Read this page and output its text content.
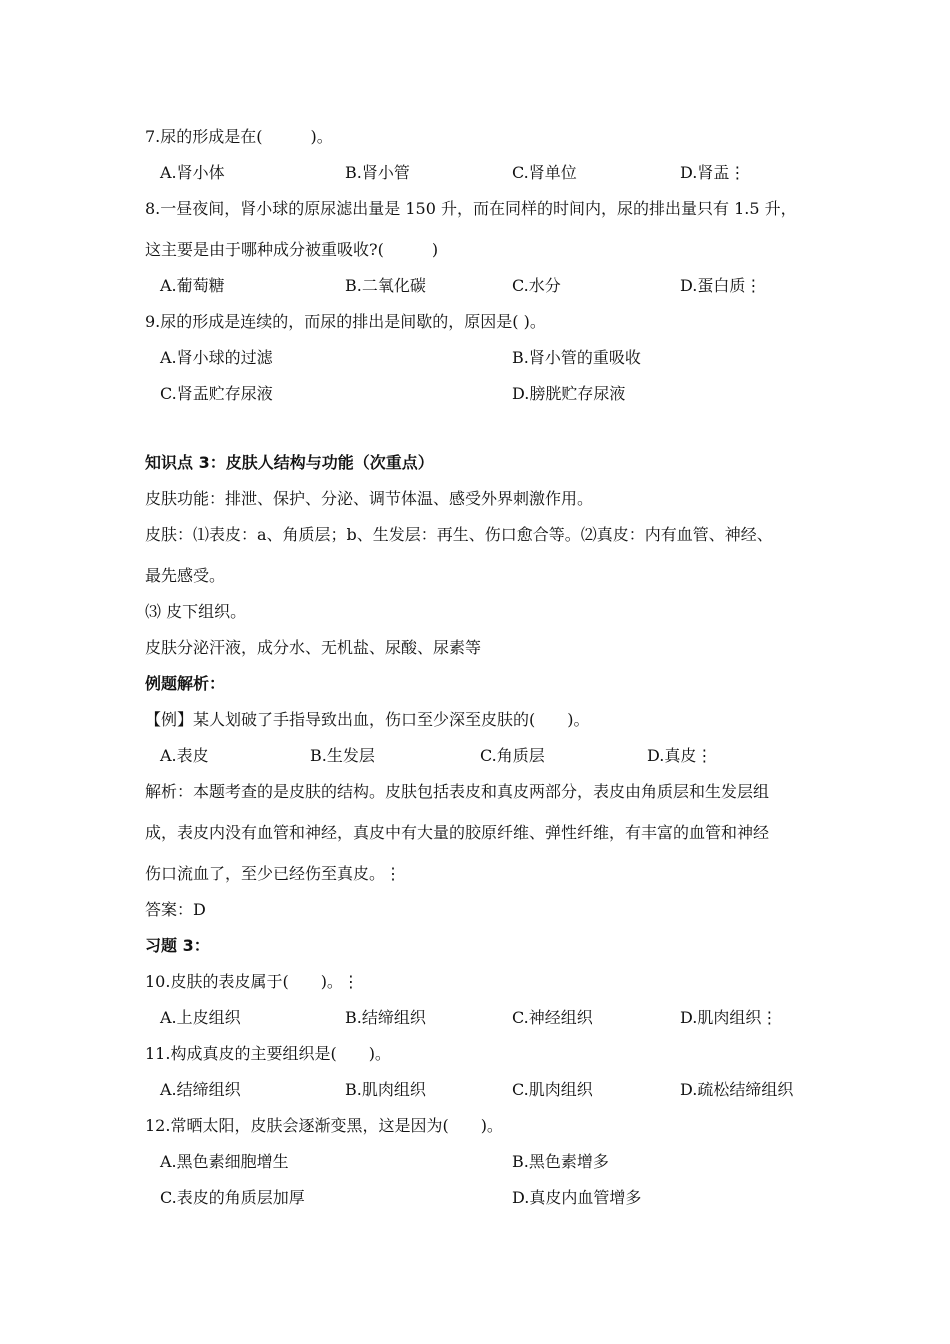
7.尿的形成是在(　　　)。
A.肾小体	B.肾小管	C.肾单位	D.肾盂⋮
8.一昼夜间，肾小球的原尿滤出量是 150 升，而在同样的时间内，尿的排出量只有 1.5 升，
这主要是由于哪种成分被重吸收?(　　　)
A.葡萄糖	B.二氧化碳	C.水分	D.蛋白质⋮
9.尿的形成是连续的，而尿的排出是间歇的，原因是( )。
A.肾小球的过滤	B.肾小管的重吸收
C.肾盂贮存尿液	D.膀胱贮存尿液
知识点 3：皮肤人结构与功能（次重点）
皮肤功能：排泄、保护、分泌、调节体温、感受外界刺激作用。
皮肤：⑴表皮：a、角质层；b、生发层：再生、伤口愈合等。⑵真皮：内有血管、神经、
最先感受。
⑶ 皮下组织。
皮肤分泌汗液，成分水、无机盐、尿酸、尿素等
例题解析：
【例】某人划破了手指导致出血，伤口至少深至皮肤的(　　)。
A.表皮	B.生发层	C.角质层	D.真皮⋮
解析：本题考查的是皮肤的结构。皮肤包括表皮和真皮两部分，表皮由角质层和生发层组
成，表皮内没有血管和神经，真皮中有大量的胶原纤维、弹性纤维，有丰富的血管和神经
伤口流血了，至少已经伤至真皮。⋮
答案：D
习题 3：
10.皮肤的表皮属于(　　)。⋮
A.上皮组织	B.结缔组织	C.神经组织	D.肌肉组织⋮
11.构成真皮的主要组织是(　　)。
A.结缔组织	B.肌肉组织	C.肌肉组织	D.疏松结缔组织
12.常晒太阳，皮肤会逐渐变黑，这是因为(　　)。
A.黑色素细胞增生	B.黑色素增多
C.表皮的角质层加厚	D.真皮内血管增多
